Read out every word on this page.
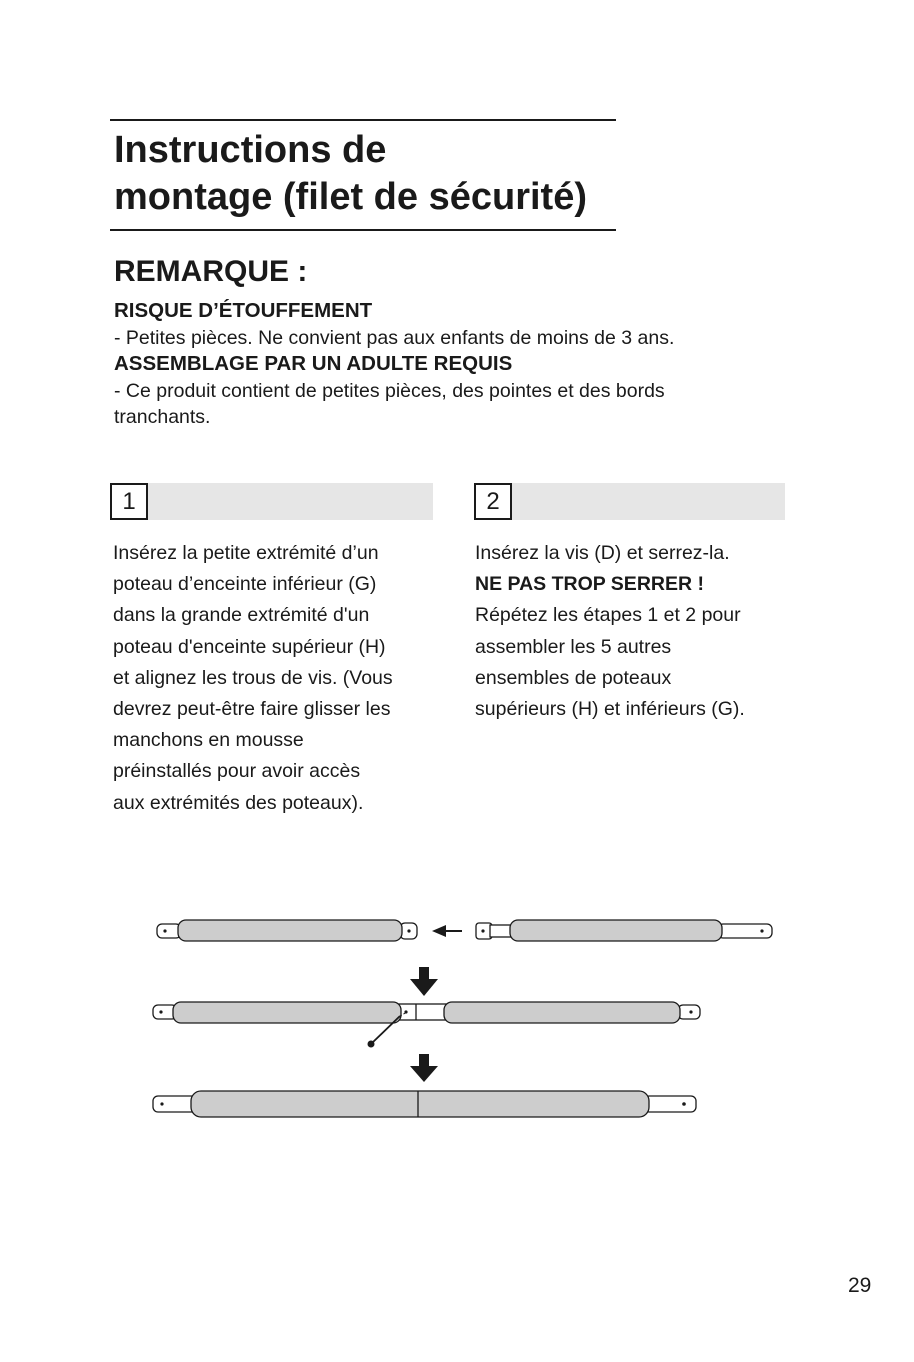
Instructions de
montage (filet de sécurité)
REMARQUE :
RISQUE D’ÉTOUFFEMENT
- Petites pièces. Ne convient pas aux enfants de moins de 3 ans.
ASSEMBLAGE PAR UN ADULTE REQUIS
- Ce produit contient de petites pièces, des pointes et des bords
tranchants.
1
Insérez la petite extrémité d’un
poteau d’enceinte inférieur (G)
dans la grande extrémité d'un
poteau d'enceinte supérieur (H)
et alignez les trous de vis. (Vous
devrez peut-être faire glisser les
manchons en mousse
préinstallés pour avoir accès
aux extrémités des poteaux).
2
Insérez la vis (D) et serrez-la.
NE PAS TROP SERRER !
Répétez les étapes 1 et 2 pour
assembler les 5 autres
ensembles de poteaux
supérieurs (H) et inférieurs (G).
29
